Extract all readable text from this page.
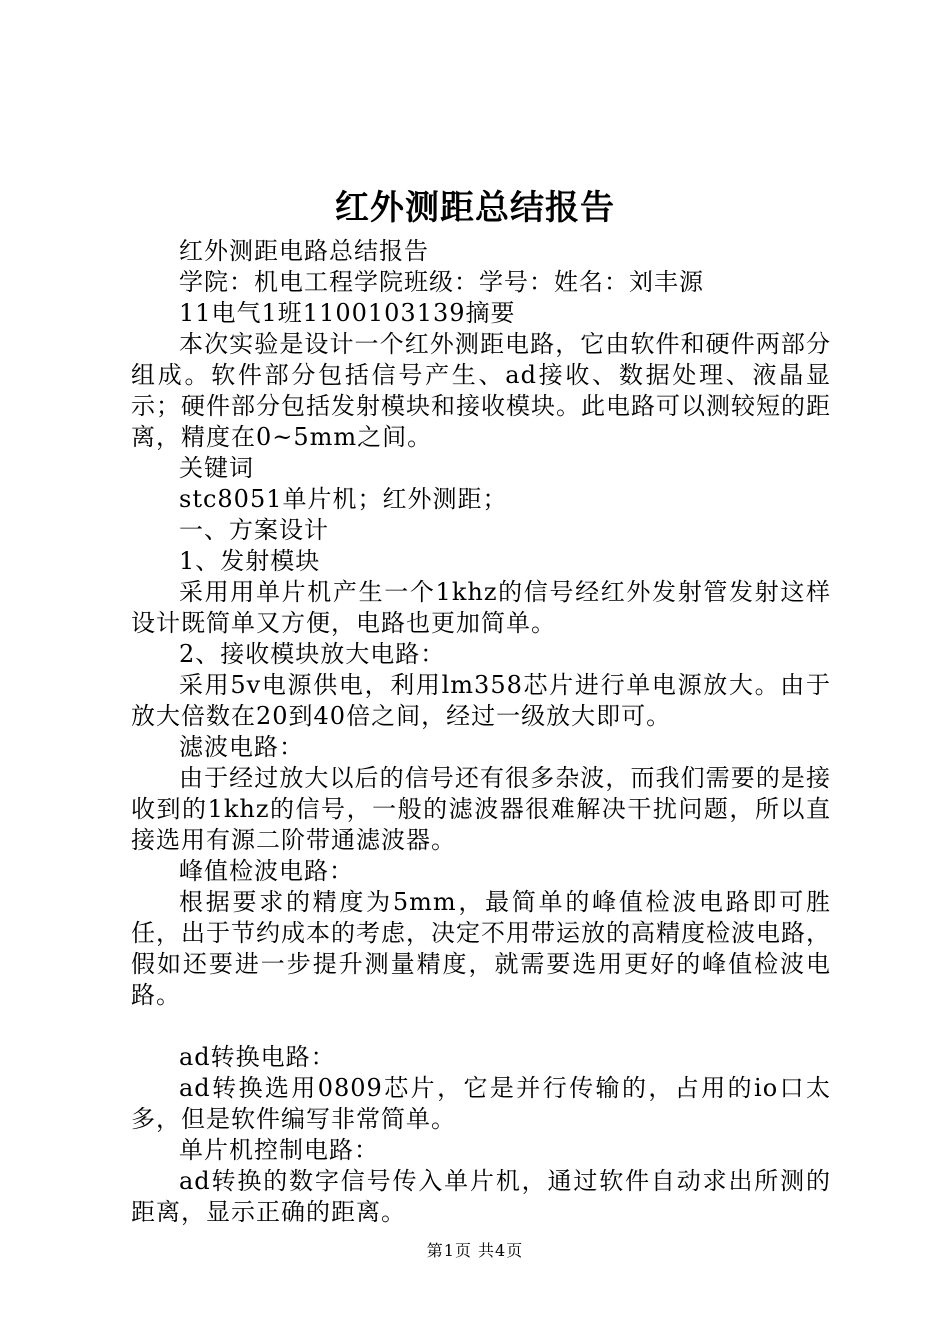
红外测距总结报告

红外测距电路总结报告

学院：机电工程学院班级：学号：姓名：刘丰源

11电气1班1100103139摘要

本次实验是设计一个红外测距电路，它由软件和硬件两部分组成。软件部分包括信号产生、ad接收、数据处理、液晶显示；硬件部分包括发射模块和接收模块。此电路可以测较短的距离，精度在0~5mm之间。

关键词

stc8051单片机；红外测距；

一、方案设计

1、发射模块

采用用单片机产生一个1khz的信号经红外发射管发射这样设计既简单又方便，电路也更加简单。

2、接收模块放大电路：

采用5v电源供电，利用lm358芯片进行单电源放大。由于放大倍数在20到40倍之间，经过一级放大即可。

滤波电路：

由于经过放大以后的信号还有很多杂波，而我们需要的是接收到的1khz的信号，一般的滤波器很难解决干扰问题，所以直接选用有源二阶带通滤波器。

峰值检波电路：

根据要求的精度为5mm，最简单的峰值检波电路即可胜任，出于节约成本的考虑，决定不用带运放的高精度检波电路，假如还要进一步提升测量精度，就需要选用更好的峰值检波电路。

ad转换电路：

ad转换选用0809芯片，它是并行传输的，占用的io口太多，但是软件编写非常简单。

单片机控制电路：

ad转换的数字信号传入单片机，通过软件自动求出所测的距离，显示正确的距离。

第1页 共4页
